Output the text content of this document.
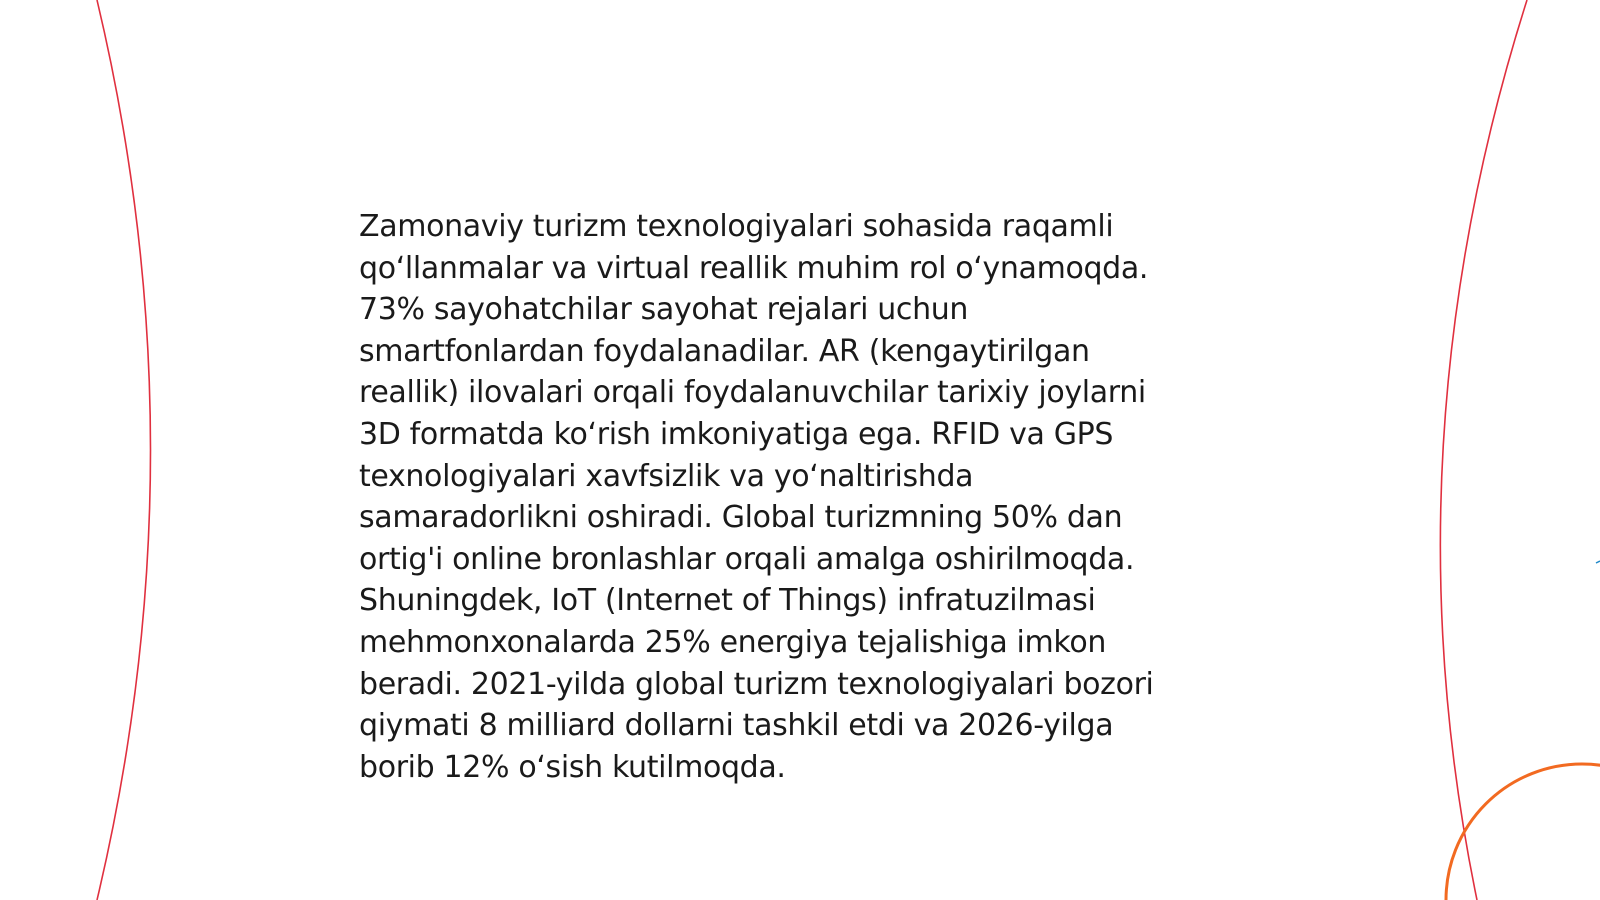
Zamonaviy turizm texnologiyalari sohasida raqamli
qo‘llanmalar va virtual reallik muhim rol o‘ynamoqda.
73% sayohatchilar sayohat rejalari uchun
smartfonlardan foydalanadilar. AR (kengaytirilgan
reallik) ilovalari orqali foydalanuvchilar tarixiy joylarni
3D formatda ko‘rish imkoniyatiga ega. RFID va GPS
texnologiyalari xavfsizlik va yo‘naltirishda
samaradorlikni oshiradi. Global turizmning 50% dan
ortig'i online bronlashlar orqali amalga oshirilmoqda.
Shuningdek, IoT (Internet of Things) infratuzilmasi
mehmonxonalarda 25% energiya tejalishiga imkon
beradi. 2021-yilda global turizm texnologiyalari bozori
qiymati 8 milliard dollarni tashkil etdi va 2026-yilga
borib 12% o‘sish kutilmoqda.
